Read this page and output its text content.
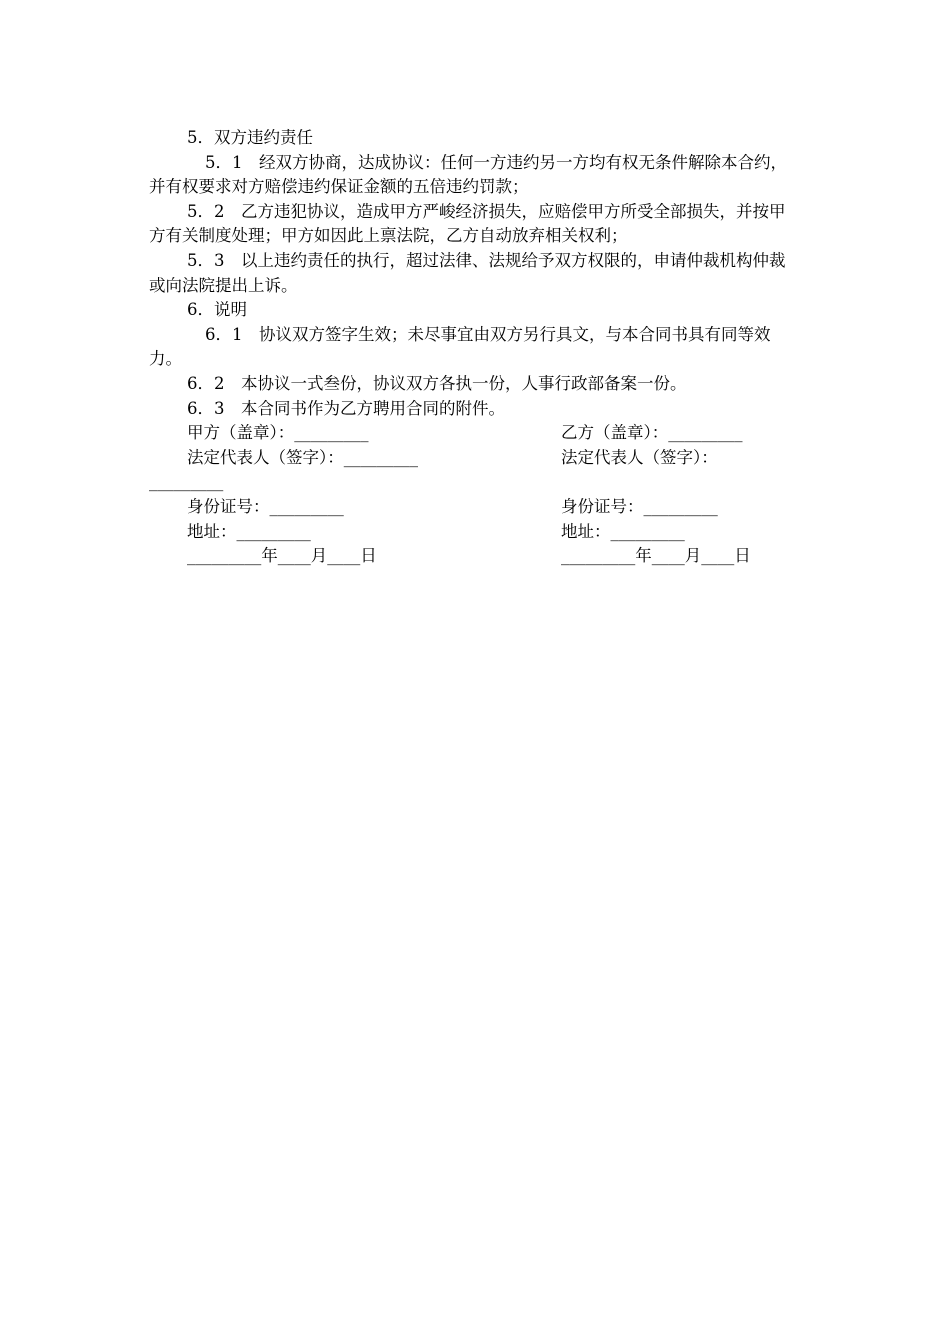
5．双方违约责任

5．1　经双方协商，达成协议：任何一方违约另一方均有权无条件解除本合约，并有权要求对方赔偿违约保证金额的五倍违约罚款；

5．2　乙方违犯协议，造成甲方严峻经济损失，应赔偿甲方所受全部损失，并按甲方有关制度处理；甲方如因此上禀法院，乙方自动放弃相关权利；

5．3　以上违约责任的执行，超过法律、法规给予双方权限的，申请仲裁机构仲裁或向法院提出上诉。

6．说明

6．1　协议双方签字生效；未尽事宜由双方另行具文，与本合同书具有同等效力。

6．2　本协议一式叁份，协议双方各执一份，人事行政部备案一份。

6．3　本合同书作为乙方聘用合同的附件。

甲方（盖章）：_________	乙方（盖章）：_________
法定代表人（签字）：_________	法定代表人（签字）：
_________
身份证号：_________	身份证号：_________
地址：_________	地址：_________
_________年____月____日	_________年____月____日
